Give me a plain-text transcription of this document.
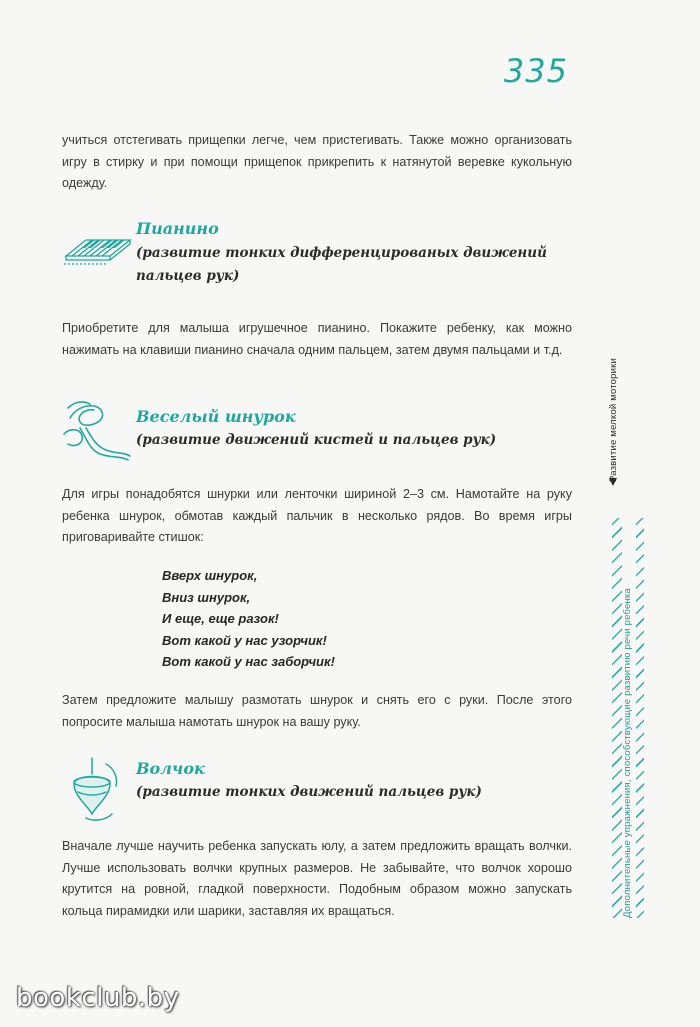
335

учиться отстегивать прищепки легче, чем пристегивать. Также можно организовать игру в стирку и при помощи прищепок прикрепить к натянутой веревке кукольную одежду.

Пианино

(развитие тонких дифференцированых движений пальцев рук)

Приобретите для малыша игрушечное пианино. Покажите ребенку, как можно нажимать на клавиши пианино сначала одним пальцем, затем двумя пальцами и т.д.

Веселый шнурок

(развитие движений кистей и пальцев рук)

Для игры понадобятся шнурки или ленточки шириной 2–3 см. Намотайте на руку ребенка шнурок, обмотав каждый пальчик в несколько рядов. Во время игры приговаривайте стишок:

Вверх шнурок,
Вниз шнурок,
И еще, еще разок!
Вот какой у нас узорчик!
Вот какой у нас заборчик!

Затем предложите малышу размотать шнурок и снять его с руки. После этого попросите малыша намотать шнурок на вашу руку.

Волчок

(развитие тонких движений пальцев рук)

Вначале лучше научить ребенка запускать юлу, а затем предложить вращать волчки. Лучше использовать волчки крупных размеров. Не забывайте, что волчок хорошо крутится на ровной, гладкой поверхности. Подобным образом можно запускать кольца пирамидки или шарики, заставляя их вращаться.

Развитие мелкой моторики
Дополнительные упражнения, способствующие развитию речи ребенка
bookclub.by
